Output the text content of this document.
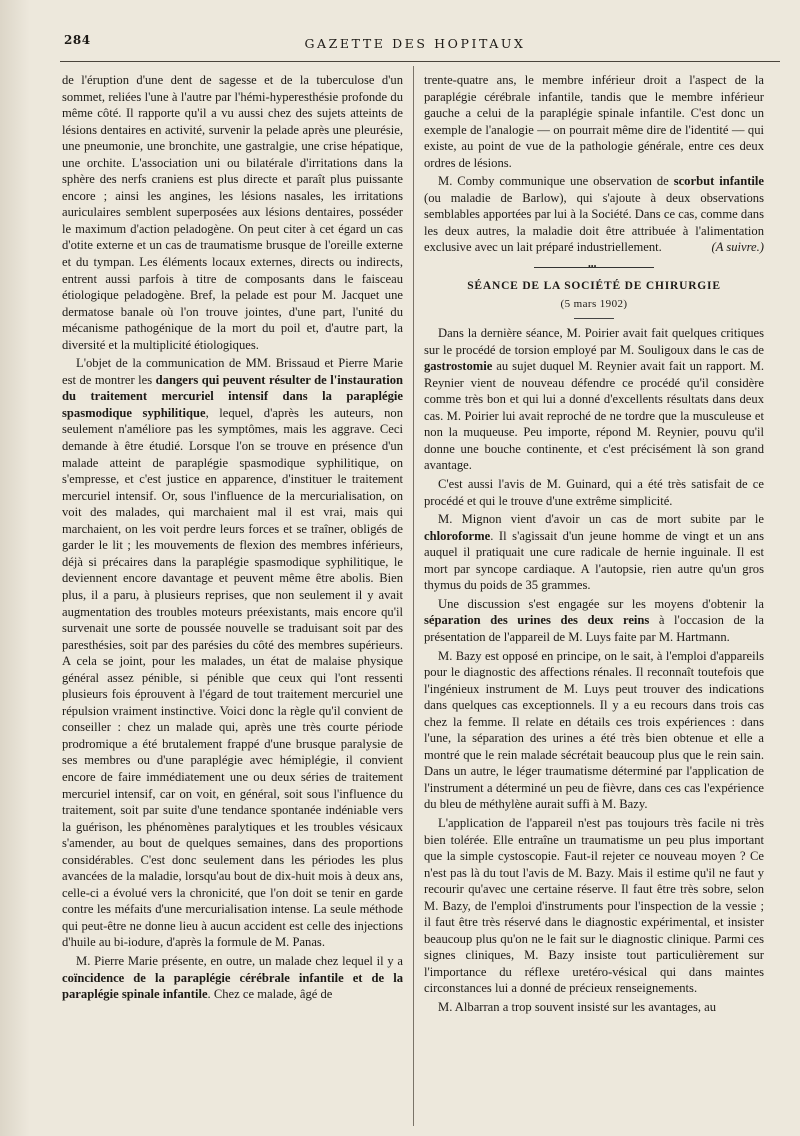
284	GAZETTE DES HOPITAUX

de l'éruption d'une dent de sagesse et de la tuberculose d'un sommet, reliées l'une à l'autre par l'hémi-hyperesthésie profonde du même côté. Il rapporte qu'il a vu aussi chez des sujets atteints de lésions dentaires en activité, survenir la pelade après une pleurésie, une pneumonie, une bronchite, une gastralgie, une crise hépatique, une orchite. L'association uni ou bilatérale d'irritations dans la sphère des nerfs craniens est plus directe et paraît plus puissante encore ; ainsi les angines, les lésions nasales, les irritations auriculaires semblent superposées aux lésions dentaires, posséder le maximum d'action peladogène. On peut citer à cet égard un cas d'otite externe et un cas de traumatisme brusque de l'oreille externe et du tympan. Les éléments locaux externes, directs ou indirects, entrent aussi parfois à titre de composants dans le faisceau étiologique peladogène. Bref, la pelade est pour M. Jacquet une dermatose banale où l'on trouve jointes, d'une part, l'unité du mécanisme pathogénique de la mort du poil et, d'autre part, la diversité et la multiplicité étiologiques.

L'objet de la communication de MM. Brissaud et Pierre Marie est de montrer les dangers qui peuvent résulter de l'instauration du traitement mercuriel intensif dans la paraplégie spasmodique syphilitique, lequel, d'après les auteurs, non seulement n'améliore pas les symptômes, mais les aggrave. Ceci demande à être étudié. Lorsque l'on se trouve en présence d'un malade atteint de paraplégie spasmodique syphilitique, on s'empresse, et c'est justice en apparence, d'instituer le traitement mercuriel intensif. Or, sous l'influence de la mercurialisation, on voit des malades, qui marchaient mal il est vrai, mais qui marchaient, on les voit perdre leurs forces et se traîner, obligés de garder le lit ; les mouvements de flexion des membres inférieurs, déjà si précaires dans la paraplégie spasmodique syphilitique, le deviennent encore davantage et peuvent même être abolis. Bien plus, il a paru, à plusieurs reprises, que non seulement il y avait augmentation des troubles moteurs préexistants, mais encore qu'il survenait une sorte de poussée nouvelle se traduisant soit par des paresthésies, soit par des parésies du côté des membres supérieurs. A cela se joint, pour les malades, un état de malaise physique général assez pénible, si pénible que ceux qui l'ont ressenti plusieurs fois éprouvent à l'égard de tout traitement mercuriel une répulsion vraiment instinctive. Voici donc la règle qu'il convient de conseiller : chez un malade qui, après une très courte période prodromique a été brutalement frappé d'une brusque paralysie de ses membres ou d'une paraplégie avec hémiplégie, il convient encore de faire immédiatement une ou deux séries de traitement mercuriel intensif, car on voit, en général, soit sous l'influence du traitement, soit par suite d'une tendance spontanée indéniable vers la guérison, les phénomènes paralytiques et les troubles vésicaux s'amender, au bout de quelques semaines, dans des proportions considérables. C'est donc seulement dans les périodes les plus avancées de la maladie, lorsqu'au bout de dix-huit mois à deux ans, celle-ci a évolué vers la chronicité, que l'on doit se tenir en garde contre les méfaits d'une mercurialisation intense. La seule méthode qui peut-être ne donne lieu à aucun accident est celle des injections d'huile au bi-iodure, d'après la formule de M. Panas.

M. Pierre Marie présente, en outre, un malade chez lequel il y a coïncidence de la paraplégie cérébrale infantile et de la paraplégie spinale infantile. Chez ce malade, âgé de

trente-quatre ans, le membre inférieur droit a l'aspect de la paraplégie cérébrale infantile, tandis que le membre inférieur gauche a celui de la paraplégie spinale infantile. C'est donc un exemple de l'analogie — on pourrait même dire de l'identité — qui existe, au point de vue de la pathologie générale, entre ces deux ordres de lésions.

M. Comby communique une observation de scorbut infantile (ou maladie de Barlow), qui s'ajoute à deux observations semblables apportées par lui à la Société. Dans ce cas, comme dans les deux autres, la maladie doit être attribuée à l'alimentation exclusive avec un lait préparé industriellement.	(A suivre.)

•••
SÉANCE DE LA SOCIÉTÉ DE CHIRURGIE
(5 mars 1902)

Dans la dernière séance, M. Poirier avait fait quelques critiques sur le procédé de torsion employé par M. Souligoux dans le cas de gastrostomie au sujet duquel M. Reynier avait fait un rapport. M. Reynier vient de nouveau défendre ce procédé qu'il considère comme très bon et qui lui a donné d'excellents résultats dans deux cas. M. Poirier lui avait reproché de ne tordre que la musculeuse et non la muqueuse. Peu importe, répond M. Reynier, pouvu qu'il donne une bouche continente, et c'est précisément là son grand avantage.

C'est aussi l'avis de M. Guinard, qui a été très satisfait de ce procédé et qui le trouve d'une extrême simplicité.

M. Mignon vient d'avoir un cas de mort subite par le chloroforme. Il s'agissait d'un jeune homme de vingt et un ans auquel il pratiquait une cure radicale de hernie inguinale. Il est mort par syncope cardiaque. A l'autopsie, rien autre qu'un gros thymus du poids de 35 grammes.

Une discussion s'est engagée sur les moyens d'obtenir la séparation des urines des deux reins à l'occasion de la présentation de l'appareil de M. Luys faite par M. Hartmann.

M. Bazy est opposé en principe, on le sait, à l'emploi d'appareils pour le diagnostic des affections rénales. Il reconnaît toutefois que l'ingénieux instrument de M. Luys peut trouver des indications dans quelques cas exceptionnels. Il y a eu recours dans trois cas chez la femme. Il relate en détails ces trois expériences : dans l'une, la séparation des urines a été très bien obtenue et elle a montré que le rein malade sécrétait beaucoup plus que le rein sain. Dans un autre, le léger traumatisme déterminé par l'application de l'instrument a déterminé un peu de fièvre, dans ces cas l'expérience du bleu de méthylène aurait suffi à M. Bazy.

L'application de l'appareil n'est pas toujours très facile ni très bien tolérée. Elle entraîne un traumatisme un peu plus important que la simple cystoscopie. Faut-il rejeter ce nouveau moyen ? Ce n'est pas là du tout l'avis de M. Bazy. Mais il estime qu'il ne faut y recourir qu'avec une certaine réserve. Il faut être très sobre, selon M. Bazy, de l'emploi d'instruments pour l'inspection de la vessie ; il faut être très réservé dans le diagnostic expérimental, et insister beaucoup plus qu'on ne le fait sur le diagnostic clinique. Parmi ces signes cliniques, M. Bazy insiste tout particulièrement sur l'importance du réflexe uretéro-vésical qui dans maintes circonstances lui a donné de précieux renseignements.

M. Albarran a trop souvent insisté sur les avantages, au
